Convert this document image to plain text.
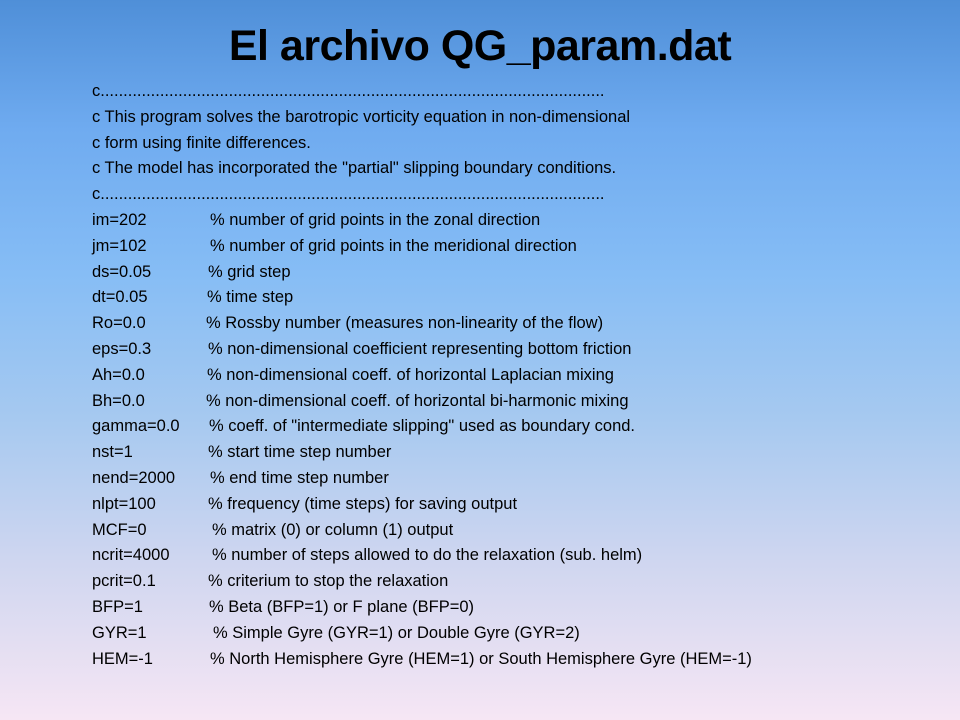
El archivo QG_param.dat
c..............................................................................................................
c This program solves the barotropic vorticity equation in non-dimensional
c form using finite differences.
c The model has incorporated the "partial" slipping boundary conditions.
c..............................................................................................................
im=202	% number of grid points in the zonal direction
jm=102	% number of grid points in the meridional direction
ds=0.05	% grid step
dt=0.05	% time step
Ro=0.0	% Rossby number (measures non-linearity of the flow)
eps=0.3	% non-dimensional coefficient representing bottom friction
Ah=0.0	% non-dimensional coeff. of horizontal Laplacian mixing
Bh=0.0	% non-dimensional coeff. of horizontal bi-harmonic mixing
gamma=0.0 % coeff. of "intermediate slipping" used as boundary cond.
nst=1	% start time step number
nend=2000 % end time step number
nlpt=100	% frequency (time steps) for saving output
MCF=0	% matrix (0) or column (1) output
ncrit=4000	% number of steps allowed to do the relaxation (sub. helm)
pcrit=0.1	% criterium to stop the relaxation
BFP=1	% Beta (BFP=1) or F plane (BFP=0)
GYR=1	% Simple Gyre (GYR=1) or Double Gyre (GYR=2)
HEM=-1	% North Hemisphere Gyre (HEM=1) or South Hemisphere Gyre (HEM=-1)
